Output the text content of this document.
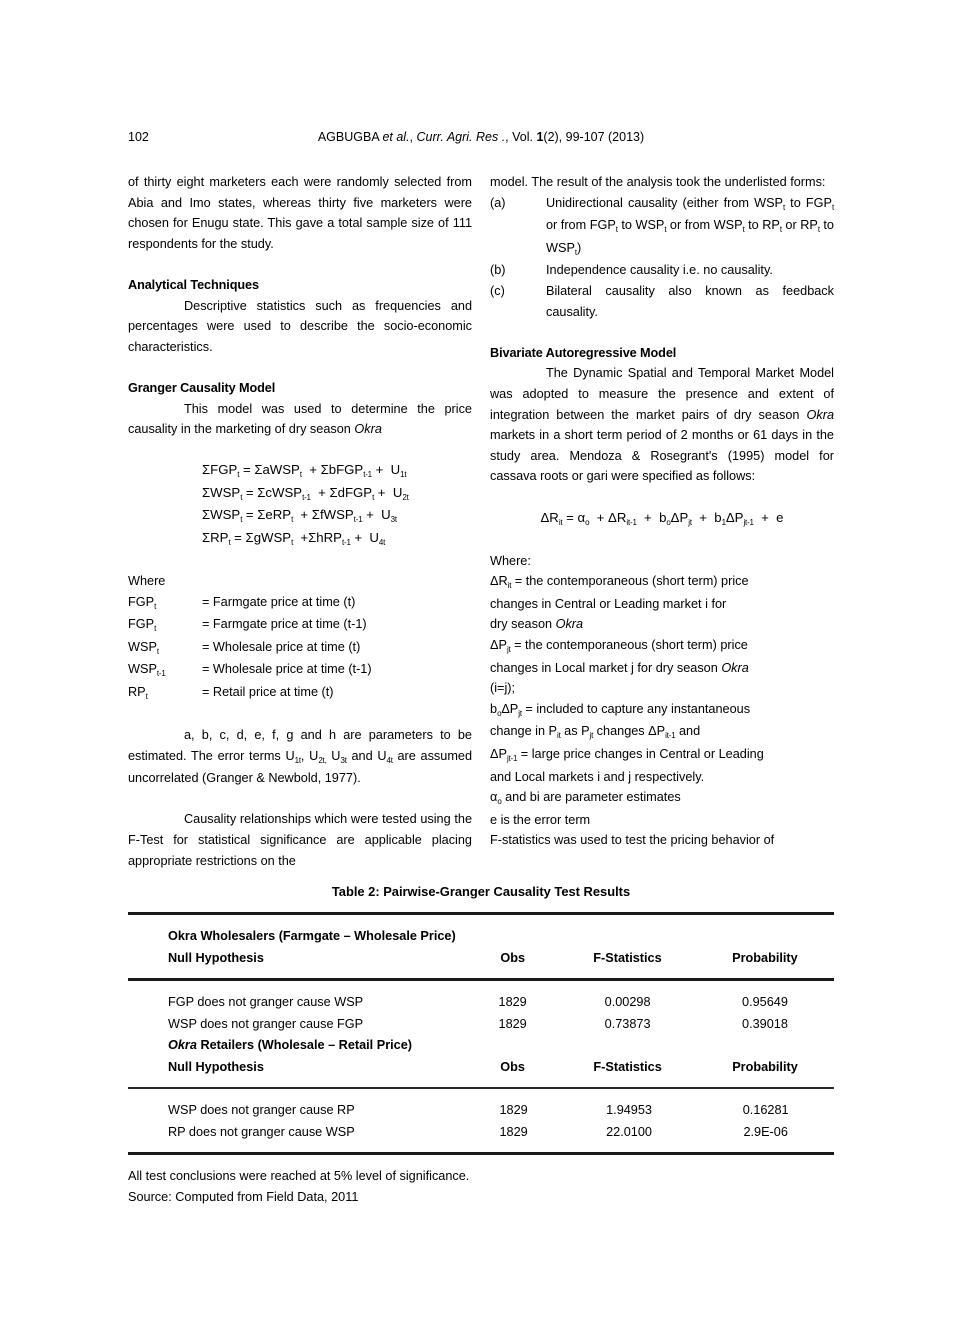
102	AGBUGBA et al., Curr. Agri. Res ., Vol. 1(2), 99-107 (2013)

of thirty eight marketers each were randomly selected from Abia and Imo states, whereas thirty five marketers were chosen for Enugu state. This gave a total sample size of 111 respondents for the study.

Analytical Techniques

Descriptive statistics such as frequencies and percentages were used to describe the socio-economic characteristics.

Granger Causality Model

This model was used to determine the price causality in the marketing of dry season Okra

$\Sigma FGP_t$ = ΣaWSP$_t$  + ΣbFGP$_{t-1}$ +  $U_{1t}$
$\Sigma WSP_t$ = ΣcWSP$_{t-1}$  + ΣdFGP$_t$ +  $U_{2t}$
$\Sigma WSP_t = \Sigma eRP_t$  + ΣfWSP$_{t-1}$ +  $U_{3t}$
$\Sigma RP_t$ = ΣgWSP$_t$  $+\Sigma hRP_{t-1} + U_{4t}$
Where
$FGP_t$	= Farmgate price at time (t)
$FGP_t$	= Farmgate price at time (t-1)
$WSP_t$	= Wholesale price at time (t)
$WSP_{t-1}$	= Wholesale price at time (t-1)
$RP_t$	= Retail price at time (t)

a, b, c, d, e, f, g and h are parameters to be estimated. The error terms $U_{1t}$, $U_{2t,}$ $U_{3t}$ and $U_{4t}$ are assumed uncorrelated (Granger & Newbold, 1977).

Causality relationships which were tested using the F-Test for statistical significance are applicable placing appropriate restrictions on the

model. The result of the analysis took the underlisted forms:

(a)	Unidirectional causality (either from $WSP_t$ to $FGP_t$ or from $FGP_t$ to $WSP_t$ or from $WSP_t$ to $RP_t$ or $RP_t$ to $WSP_t$)
(b)	Independence causality i.e. no causality.
(c)	Bilateral causality also known as feedback causality.
Bivariate Autoregressive Model

The Dynamic Spatial and Temporal Market Model was adopted to measure the presence and extent of integration between the market pairs of dry season Okra markets in a short term period of 2 months or 61 days in the study area. Mendoza & Rosegrant's (1995) model for cassava roots or gari were specified as follows:

$\Delta R_{it} = \alpha_o + \Delta R_{it-1} + b_o\Delta P_{jt} + b_1\Delta P_{jt-1} + e$

Where:

$\Delta R_{it}$ = the contemporaneous (short term) price

changes in Central or Leading market i for

dry season Okra

$\Delta P_{jt}$ = the contemporaneous (short term) price

changes in Local market j for dry season Okra

(i=j);

$b_o\Delta P_{jt}$ = included to capture any instantaneous

change in $P_{it}$ as $P_{jt}$ changes $\Delta P_{it-1}$ and

$\Delta P_{jt-1}$ = large price changes in Central or Leading

and Local markets i and j respectively.

$\alpha_o$ and bi are parameter estimates

e is the error term

F-statistics was used to test the pricing behavior of

Table 2: Pairwise-Granger Causality Test Results

Okra Wholesalers (Farmgate – Wholesale Price)
Null Hypothesis	Obs	F-Statistics	Probability

FGP does not granger cause WSP	1829	0.00298	0.95649
WSP does not granger cause FGP	1829	0.73873	0.39018
Okra Retailers (Wholesale – Retail Price)			
Null Hypothesis	Obs	F-Statistics	Probability

WSP does not granger cause RP	1829	1.94953	0.16281
RP does not granger cause WSP	1829	22.0100	2.9E-06

All test conclusions were reached at 5% level of significance.
Source: Computed from Field Data, 2011
